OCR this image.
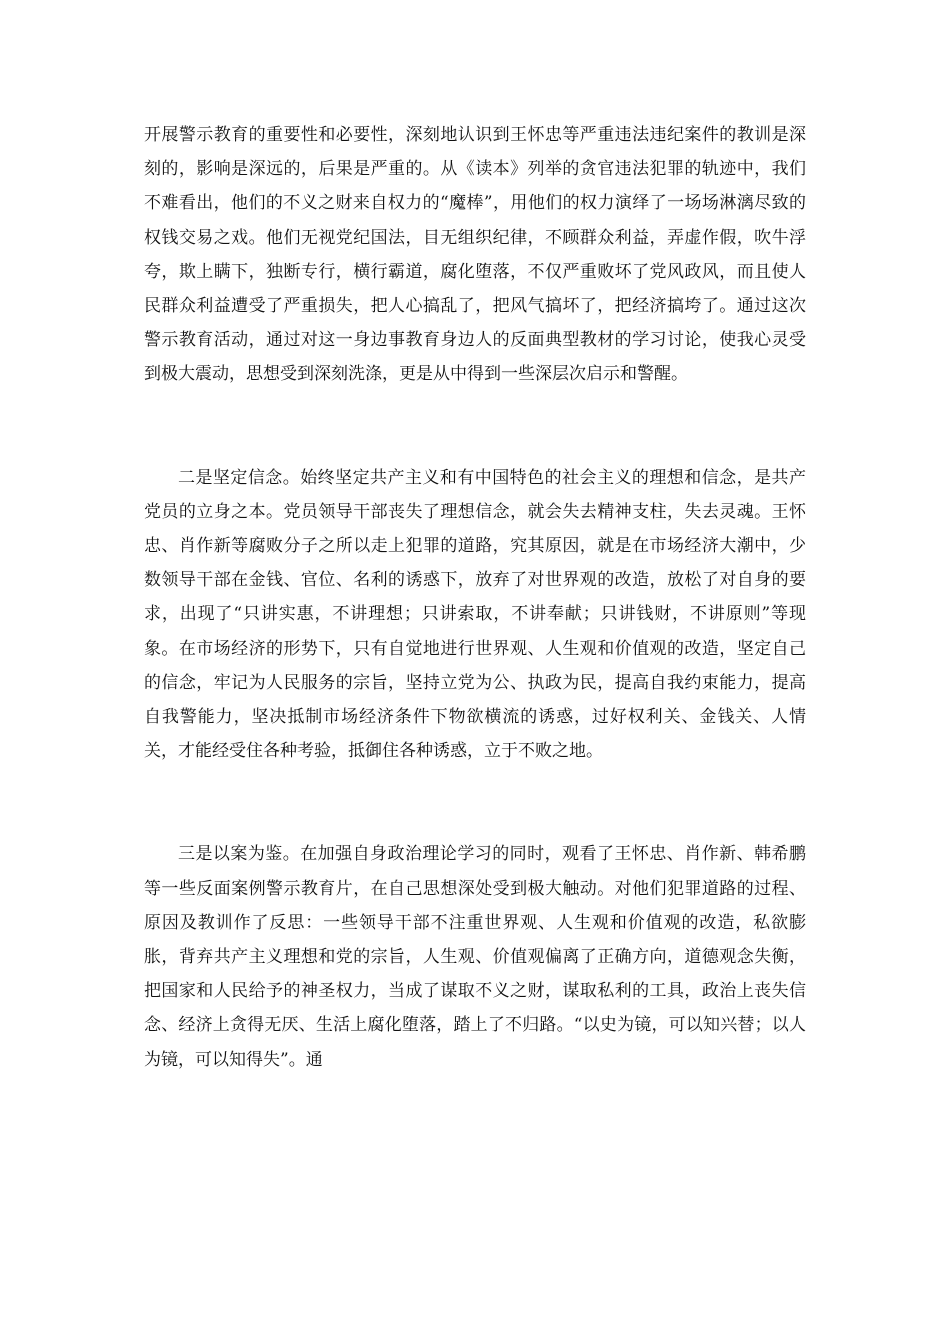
开展警示教育的重要性和必要性，深刻地认识到王怀忠等严重违法违纪案件的教训是深刻的，影响是深远的，后果是严重的。从《读本》列举的贪官违法犯罪的轨迹中，我们不难看出，他们的不义之财来自权力的“魔棒”，用他们的权力演绎了一场场淋漓尽致的权钱交易之戏。他们无视党纪国法，目无组织纪律，不顾群众利益，弄虚作假，吹牛浮夸，欺上瞒下，独断专行，横行霸道，腐化堕落，不仅严重败坏了党风政风，而且使人民群众利益遭受了严重损失，把人心搞乱了，把风气搞坏了，把经济搞垮了。通过这次警示教育活动，通过对这一身边事教育身边人的反面典型教材的学习讨论，使我心灵受到极大震动，思想受到深刻洗涤，更是从中得到一些深层次启示和警醒。

二是坚定信念。始终坚定共产主义和有中国特色的社会主义的理想和信念，是共产党员的立身之本。党员领导干部丧失了理想信念，就会失去精神支柱，失去灵魂。王怀忠、肖作新等腐败分子之所以走上犯罪的道路，究其原因，就是在市场经济大潮中，少数领导干部在金钱、官位、名利的诱惑下，放弃了对世界观的改造，放松了对自身的要求，出现了“只讲实惠，不讲理想；只讲索取，不讲奉献；只讲钱财，不讲原则”等现象。在市场经济的形势下，只有自觉地进行世界观、人生观和价值观的改造，坚定自己的信念，牢记为人民服务的宗旨，坚持立党为公、执政为民，提高自我约束能力，提高自我警能力，坚决抵制市场经济条件下物欲横流的诱惑，过好权利关、金钱关、人情关，才能经受住各种考验，抵御住各种诱惑，立于不败之地。

三是以案为鉴。在加强自身政治理论学习的同时，观看了王怀忠、肖作新、韩希鹏等一些反面案例警示教育片，在自己思想深处受到极大触动。对他们犯罪道路的过程、原因及教训作了反思：一些领导干部不注重世界观、人生观和价值观的改造，私欲膨胀，背弃共产主义理想和党的宗旨，人生观、价值观偏离了正确方向，道德观念失衡，把国家和人民给予的神圣权力，当成了谋取不义之财，谋取私利的工具，政治上丧失信念、经济上贪得无厌、生活上腐化堕落，踏上了不归路。“以史为镜，可以知兴替；以人为镜，可以知得失”。通
